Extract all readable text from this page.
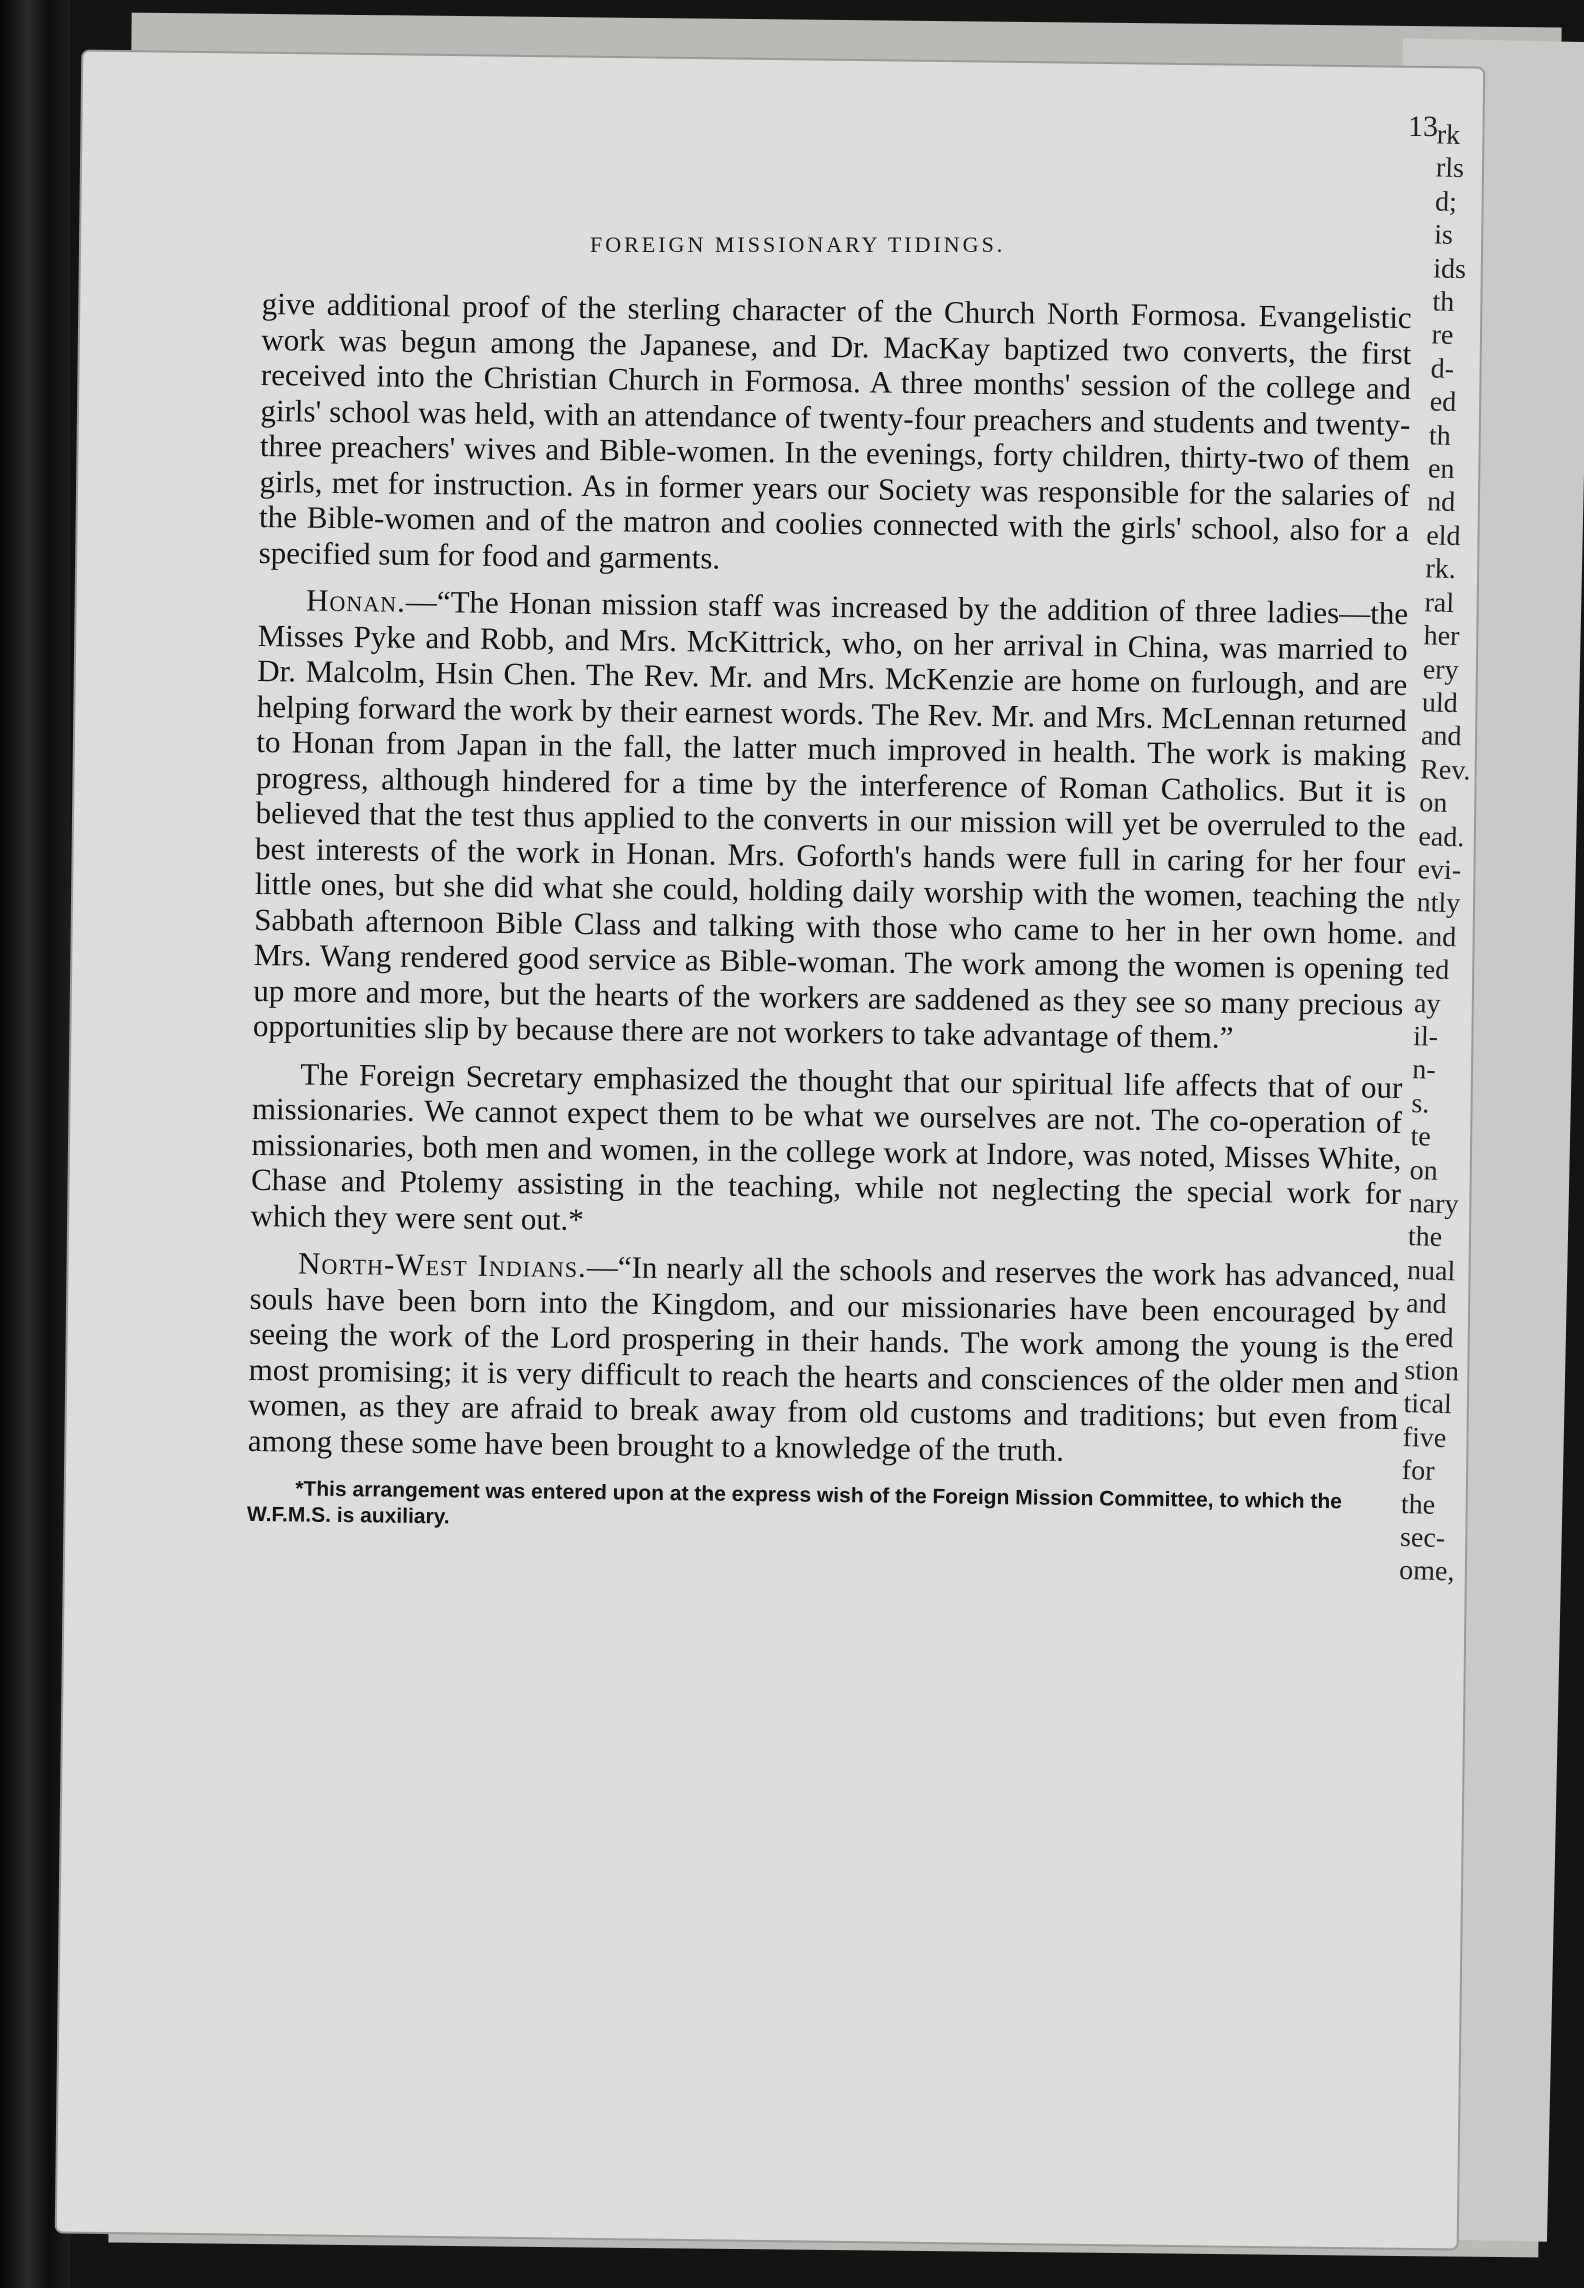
rk
rls
d;
is
ids
th
re
d-
ed
th
en
nd
eld
rk.
ral
her
ery
uld
and
Rev.
on
ead.
evi-
ntly
and
ted
ay
il-
n-
s.
te
on
nary
the
nual
and
ered
stion
tical
five
for
the
sec-
ome,
13
FOREIGN MISSIONARY TIDINGS.

give additional proof of the sterling character of the Church North Formosa. Evangelistic work was begun among the Japanese, and Dr. MacKay baptized two converts, the first received into the Christian Church in Formosa. A three months' session of the college and girls' school was held, with an attendance of twenty-four preachers and students and twenty-three preachers' wives and Bible-women. In the evenings, forty children, thirty-two of them girls, met for instruction. As in former years our Society was responsible for the salaries of the Bible-women and of the matron and coolies connected with the girls' school, also for a specified sum for food and garments.

Honan.—“The Honan mission staff was increased by the addition of three ladies—the Misses Pyke and Robb, and Mrs. McKittrick, who, on her arrival in China, was married to Dr. Malcolm, Hsin Chen. The Rev. Mr. and Mrs. McKenzie are home on furlough, and are helping forward the work by their earnest words. The Rev. Mr. and Mrs. McLennan returned to Honan from Japan in the fall, the latter much improved in health. The work is making progress, although hindered for a time by the interference of Roman Catholics. But it is believed that the test thus applied to the converts in our mission will yet be overruled to the best interests of the work in Honan. Mrs. Goforth's hands were full in caring for her four little ones, but she did what she could, holding daily worship with the women, teaching the Sabbath afternoon Bible Class and talking with those who came to her in her own home. Mrs. Wang rendered good service as Bible-woman. The work among the women is opening up more and more, but the hearts of the workers are saddened as they see so many precious opportunities slip by because there are not workers to take advantage of them.”

The Foreign Secretary emphasized the thought that our spiritual life affects that of our missionaries. We cannot expect them to be what we ourselves are not. The co-operation of missionaries, both men and women, in the college work at Indore, was noted, Misses White, Chase and Ptolemy assisting in the teaching, while not neglecting the special work for which they were sent out.*

North-West Indians.—“In nearly all the schools and reserves the work has advanced, souls have been born into the Kingdom, and our missionaries have been encouraged by seeing the work of the Lord prospering in their hands. The work among the young is the most promising; it is very difficult to reach the hearts and consciences of the older men and women, as they are afraid to break away from old customs and traditions; but even from among these some have been brought to a knowledge of the truth.

*This arrangement was entered upon at the express wish of the Foreign Mission Committee, to which the W.F.M.S. is auxiliary.
